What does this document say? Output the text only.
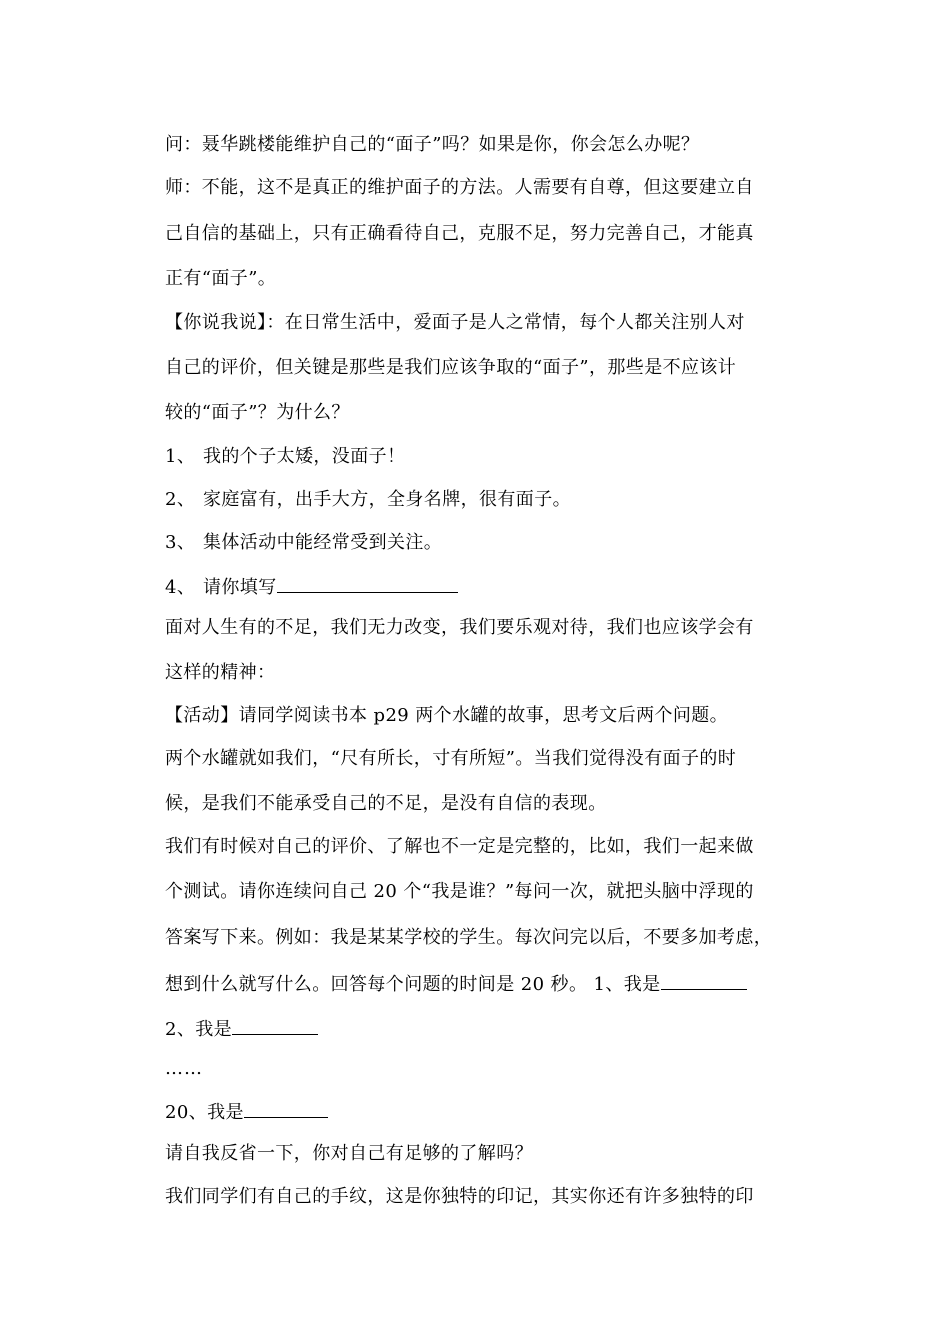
问：聂华跳楼能维护自己的“面子”吗？如果是你，你会怎么办呢？

师：不能，这不是真正的维护面子的方法。人需要有自尊，但这要建立自

己自信的基础上，只有正确看待自己，克服不足，努力完善自己，才能真

正有“面子”。

【你说我说】：在日常生活中，爱面子是人之常情，每个人都关注别人对

自己的评价，但关键是那些是我们应该争取的“面子”，那些是不应该计

较的“面子”？为什么？

1、 我的个子太矮，没面子！

2、 家庭富有，出手大方，全身名牌，很有面子。

3、 集体活动中能经常受到关注。

4、 请你填写

面对人生有的不足，我们无力改变，我们要乐观对待，我们也应该学会有

这样的精神：

【活动】请同学阅读书本 p29 两个水罐的故事，思考文后两个问题。

两个水罐就如我们，“尺有所长，寸有所短”。当我们觉得没有面子的时

候，是我们不能承受自己的不足，是没有自信的表现。

我们有时候对自己的评价、了解也不一定是完整的，比如，我们一起来做

个测试。请你连续问自己 20 个“我是谁？”每问一次，就把头脑中浮现的

答案写下来。例如：我是某某学校的学生。每次问完以后，不要多加考虑，

想到什么就写什么。回答每个问题的时间是 20 秒。 1、我是

2、我是

……

20、我是

请自我反省一下，你对自己有足够的了解吗？

我们同学们有自己的手纹，这是你独特的印记，其实你还有许多独特的印
